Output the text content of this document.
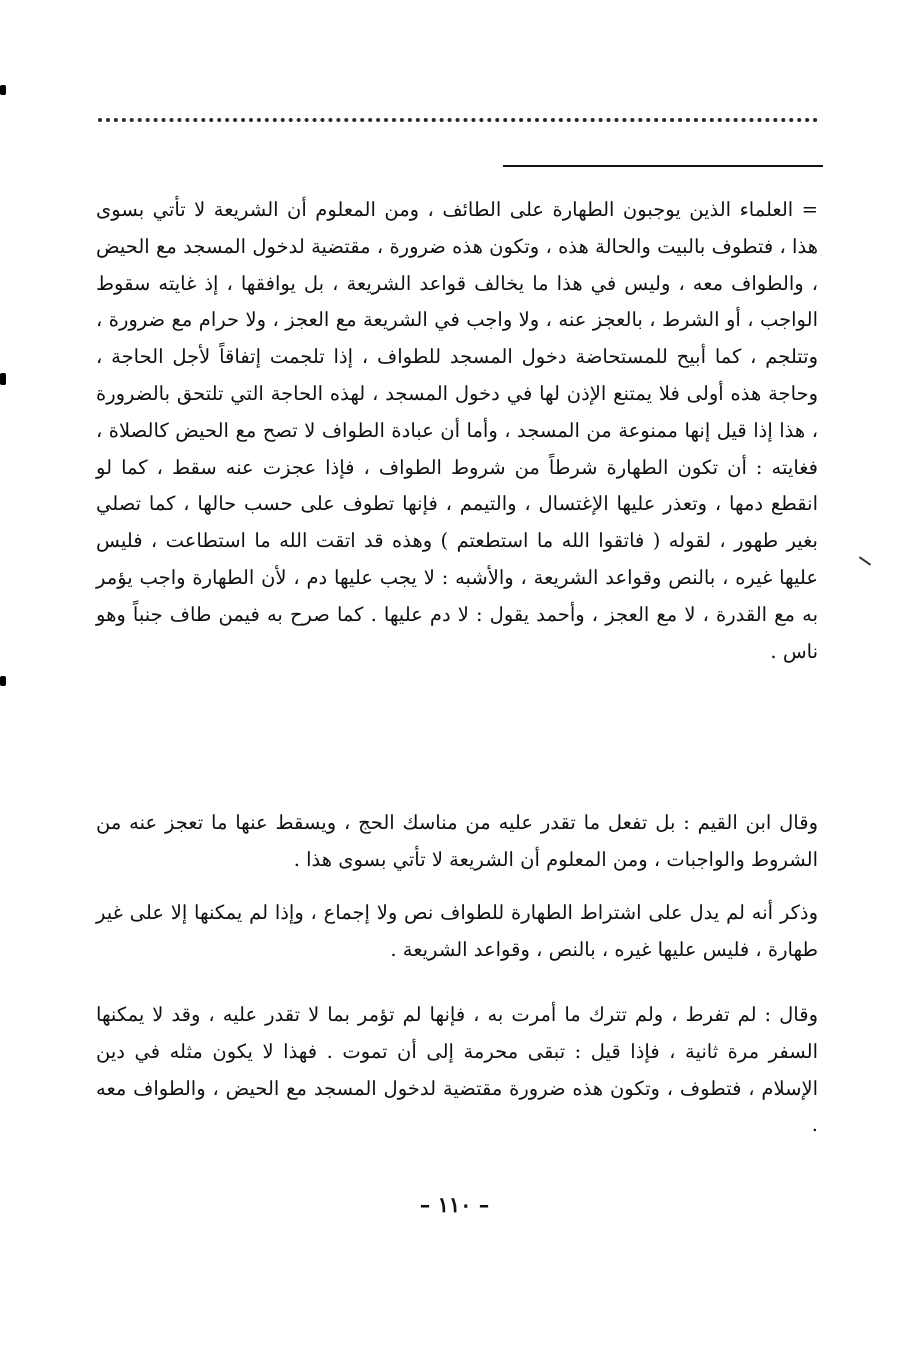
= العلماء الذين يوجبون الطهارة على الطائف ، ومن المعلوم أن الشريعة لا تأتي بسوى هذا ، فتطوف بالبيت والحالة هذه ، وتكون هذه ضرورة ، مقتضية لدخول المسجد مع الحيض ، والطواف معه ، وليس في هذا ما يخالف قواعد الشريعة ، بل يوافقها ، إذ غايته سقوط الواجب ، أو الشرط ، بالعجز عنه ، ولا واجب في الشريعة مع العجز ، ولا حرام مع ضرورة ، وتتلجم ، كما أبيح للمستحاضة دخول المسجد للطواف ، إذا تلجمت إتفاقاً لأجل الحاجة ، وحاجة هذه أولى فلا يمتنع الإذن لها في دخول المسجد ، لهذه الحاجة التي تلتحق بالضرورة ، هذا إذا قيل إنها ممنوعة من المسجد ، وأما أن عبادة الطواف لا تصح مع الحيض كالصلاة ، فغايته : أن تكون الطهارة شرطاً من شروط الطواف ، فإذا عجزت عنه سقط ، كما لو انقطع دمها ، وتعذر عليها الإغتسال ، والتيمم ، فإنها تطوف على حسب حالها ، كما تصلي بغير طهور ، لقوله ( فاتقوا الله ما استطعتم ) وهذه قد اتقت الله ما استطاعت ، فليس عليها غيره ، بالنص وقواعد الشريعة ، والأشبه : لا يجب عليها دم ، لأن الطهارة واجب يؤمر به مع القدرة ، لا مع العجز ، وأحمد يقول : لا دم عليها . كما صرح به فيمن طاف جنباً وهو ناس .

وقال ابن القيم : بل تفعل ما تقدر عليه من مناسك الحج ، ويسقط عنها ما تعجز عنه من الشروط والواجبات ، ومن المعلوم أن الشريعة لا تأتي بسوى هذا .

وذكر أنه لم يدل على اشتراط الطهارة للطواف نص ولا إجماع ، وإذا لم يمكنها إلا على غير طهارة ، فليس عليها غيره ، بالنص ، وقواعد الشريعة .

وقال : لم تفرط ، ولم تترك ما أمرت به ، فإنها لم تؤمر بما لا تقدر عليه ، وقد لا يمكنها السفر مرة ثانية ، فإذا قيل : تبقى محرمة إلى أن تموت . فهذا لا يكون مثله في دين الإسلام ، فتطوف ، وتكون هذه ضرورة مقتضية لدخول المسجد مع الحيض ، والطواف معه .

– ١١٠ –
